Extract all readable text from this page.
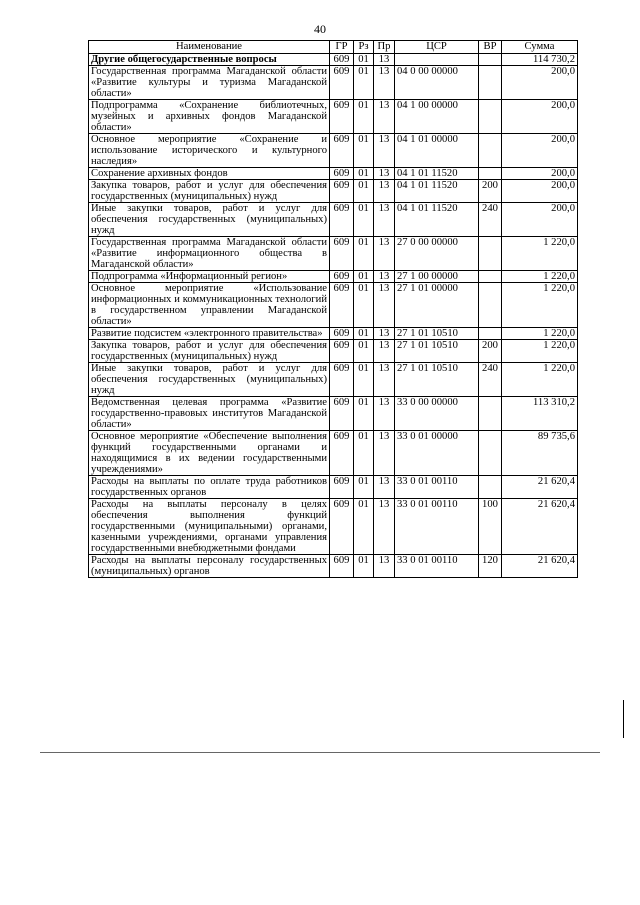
40
Наименование	ГР	Рз	Пр	ЦСР	ВР	Сумма
Другие общегосударственные вопросы	609	01	13			114 730,2
Государственная программа Магаданской области «Развитие культуры и туризма Магаданской области»	609	01	13	04 0 00 00000		200,0
Подпрограмма «Сохранение библиотечных, музейных и архивных фондов Магаданской области»	609	01	13	04 1 00 00000		200,0
Основное мероприятие «Сохранение и использование исторического и культурного наследия»	609	01	13	04 1 01 00000		200,0
Сохранение архивных фондов	609	01	13	04 1 01 11520		200,0
Закупка товаров, работ и услуг для обеспечения государственных (муниципальных) нужд	609	01	13	04 1 01 11520	200	200,0
Иные закупки товаров, работ и услуг для обеспечения государственных (муниципальных) нужд	609	01	13	04 1 01 11520	240	200,0
Государственная программа Магаданской области «Развитие информационного общества в Магаданской области»	609	01	13	27 0 00 00000		1 220,0
Подпрограмма «Информационный регион»	609	01	13	27 1 00 00000		1 220,0
Основное мероприятие «Использование информационных и коммуникационных технологий в государственном управлении Магаданской области»	609	01	13	27 1 01 00000		1 220,0
Развитие подсистем «электронного правительства»	609	01	13	27 1 01 10510		1 220,0
Закупка товаров, работ и услуг для обеспечения государственных (муниципальных) нужд	609	01	13	27 1 01 10510	200	1 220,0
Иные закупки товаров, работ и услуг для обеспечения государственных (муниципальных) нужд	609	01	13	27 1 01 10510	240	1 220,0
Ведомственная целевая программа «Развитие государственно-правовых институтов Магаданской области»	609	01	13	33 0 00 00000		113 310,2
Основное мероприятие «Обеспечение выполнения функций государственными органами и находящимися в их ведении государственными учреждениями»	609	01	13	33 0 01 00000		89 735,6
Расходы на выплаты по оплате труда работников государственных органов	609	01	13	33 0 01 00110		21 620,4
Расходы на выплаты персоналу в целях обеспечения выполнения функций государственными (муниципальными) органами, казенными учреждениями, органами управления государственными внебюджетными фондами	609	01	13	33 0 01 00110	100	21 620,4
Расходы на выплаты персоналу государственных (муниципальных) органов	609	01	13	33 0 01 00110	120	21 620,4
